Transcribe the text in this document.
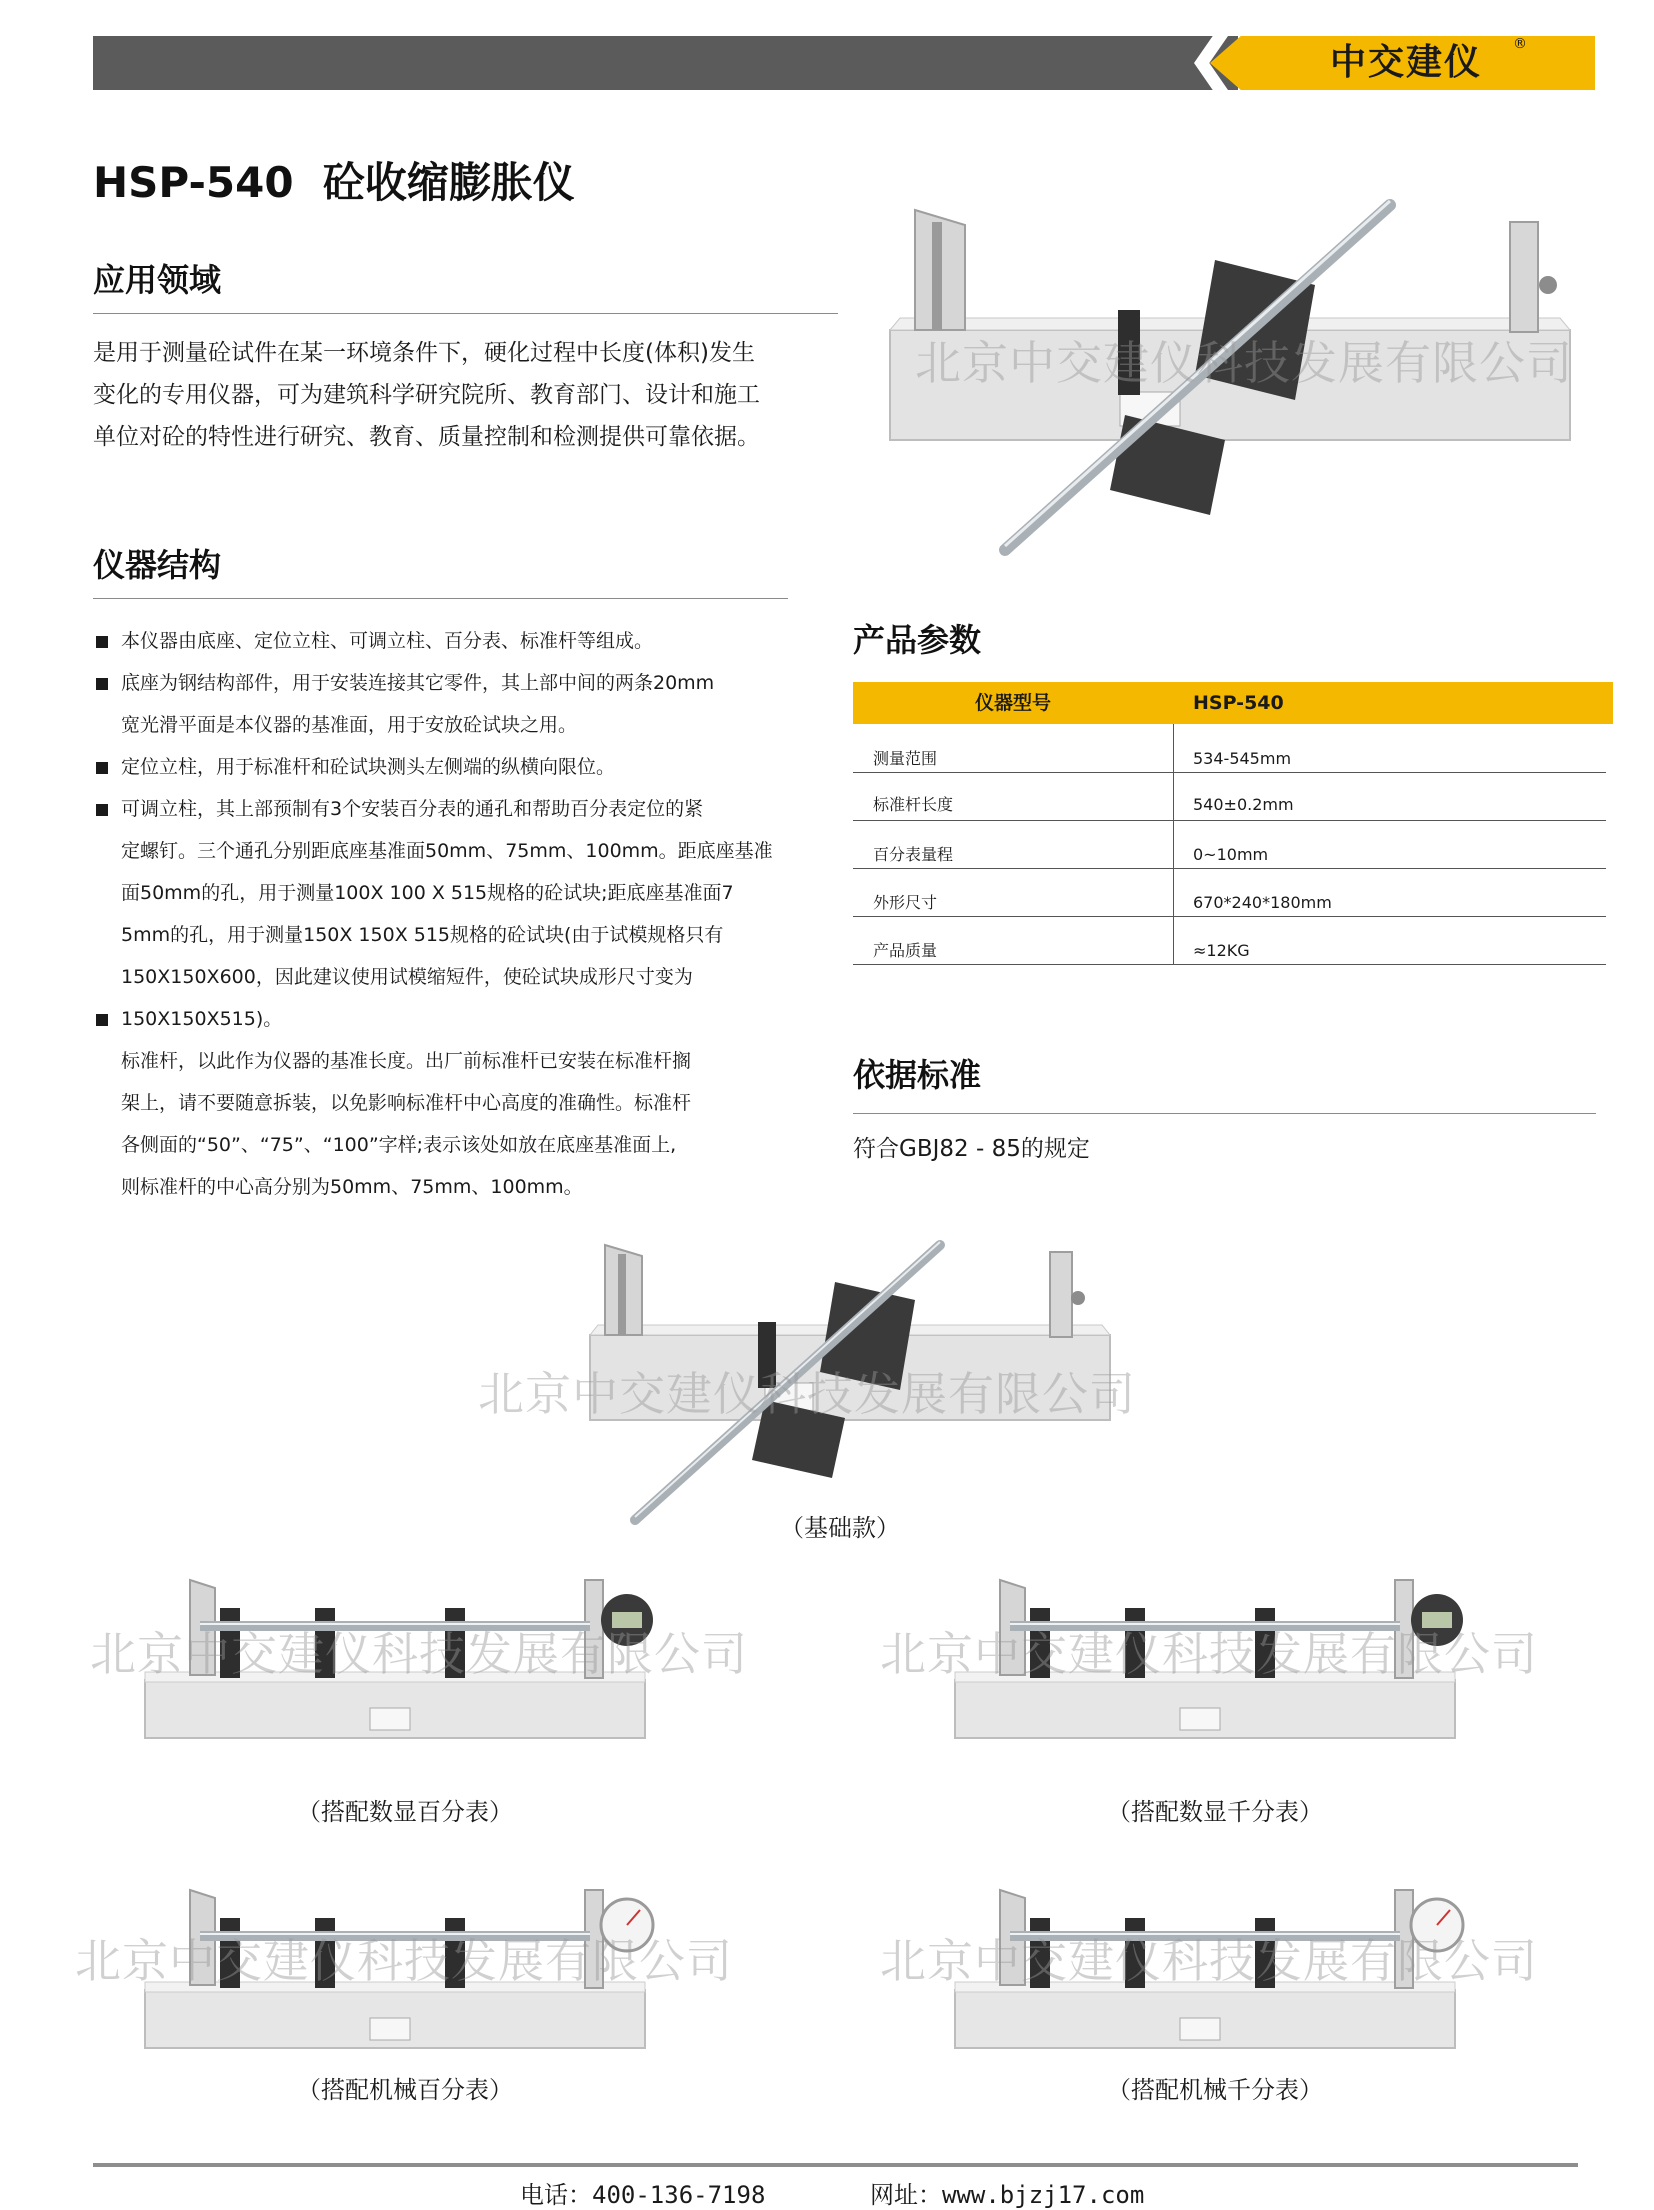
中交建仪	®
HSP-540  砼收缩膨胀仪
应用领域
是用于测量砼试件在某一环境条件下，硬化过程中长度(体积)发生
变化的专用仪器，可为建筑科学研究院所、教育部门、设计和施工
单位对砼的特性进行研究、教育、质量控制和检测提供可靠依据。
北京中交建仪科技发展有限公司
仪器结构
本仪器由底座、定位立柱、可调立柱、百分表、标准杆等组成。
底座为钢结构部件，用于安装连接其它零件，其上部中间的两条20mm
宽光滑平面是本仪器的基准面，用于安放砼试块之用。
定位立柱，用于标准杆和砼试块测头左侧端的纵横向限位。
可调立柱，其上部预制有3个安装百分表的通孔和帮助百分表定位的紧
定螺钉。三个通孔分别距底座基准面50mm、75mm、100mm。距底座基准
面50mm的孔，用于测量100X 100 X 515规格的砼试块;距底座基准面7
5mm的孔，用于测量150X 150X 515规格的砼试块(由于试模规格只有
150X150X600，因此建议使用试模缩短件，使砼试块成形尺寸变为
150X150X515)。
标准杆，以此作为仪器的基准长度。出厂前标准杆已安装在标准杆搁
架上，请不要随意拆装，以免影响标准杆中心高度的准确性。标准杆
各侧面的“50”、“75”、“100”字样;表示该处如放在底座基准面上,
则标准杆的中心高分别为50mm、75mm、100mm。
产品参数
仪器型号	HSP-540
测量范围	534-545mm
标准杆长度	540±0.2mm
百分表量程	0~10mm
外形尺寸	670*240*180mm
产品质量	≈12KG
依据标准
符合GBJ82 - 85的规定
北京中交建仪科技发展有限公司
（基础款）
北京中交建仪科技发展有限公司
（搭配数显百分表）
北京中交建仪科技发展有限公司
（搭配数显千分表）
北京中交建仪科技发展有限公司
（搭配机械百分表）
北京中交建仪科技发展有限公司
（搭配机械千分表）
电话：400-136-7198	网址：www.bjzj17.com
